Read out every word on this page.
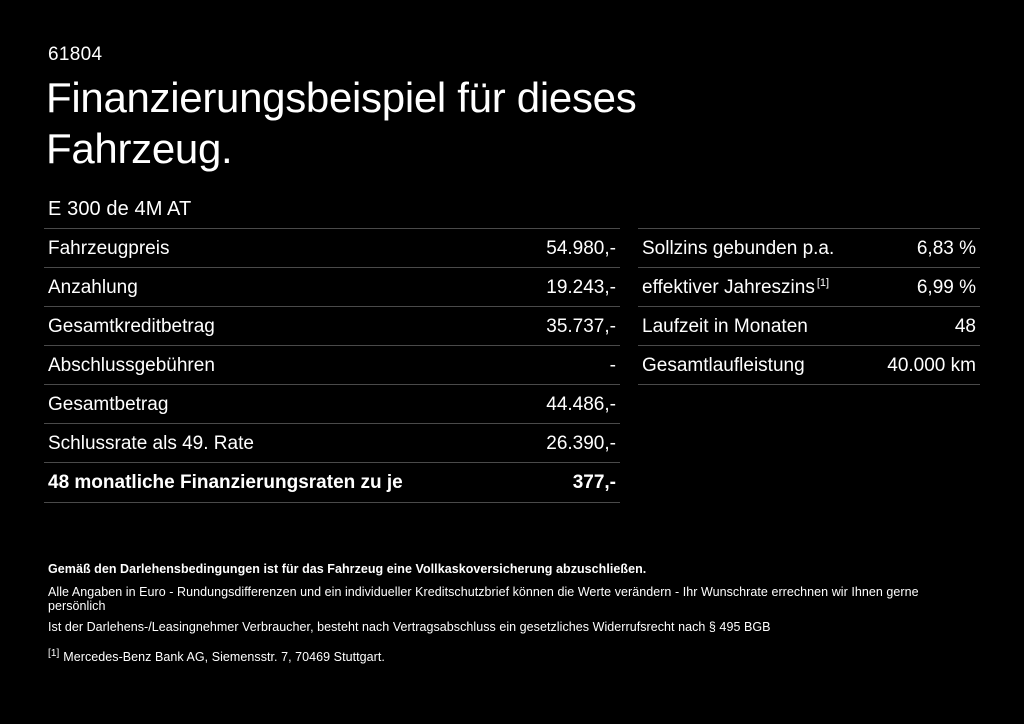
61804
Finanzierungsbeispiel für dieses Fahrzeug.
E 300 de 4M AT
Fahrzeugpreis	54.980,-
Anzahlung	19.243,-
Gesamtkreditbetrag	35.737,-
Abschlussgebühren	-
Gesamtbetrag	44.486,-
Schlussrate als 49. Rate	26.390,-
48 monatliche Finanzierungsraten zu je	377,-
Sollzins gebunden p.a.	6,83 %
effektiver Jahreszins [1]	6,99 %
Laufzeit in Monaten	48
Gesamtlaufleistung	40.000 km
Gemäß den Darlehensbedingungen ist für das Fahrzeug eine Vollkaskoversicherung abzuschließen.
Alle Angaben in Euro - Rundungsdifferenzen und ein individueller Kreditschutzbrief können die Werte verändern - Ihr Wunschrate errechnen wir Ihnen gerne persönlich
Ist der Darlehens-/Leasingnehmer Verbraucher, besteht nach Vertragsabschluss ein gesetzliches Widerrufsrecht nach § 495 BGB
[1] Mercedes-Benz Bank AG, Siemensstr. 7, 70469 Stuttgart.
